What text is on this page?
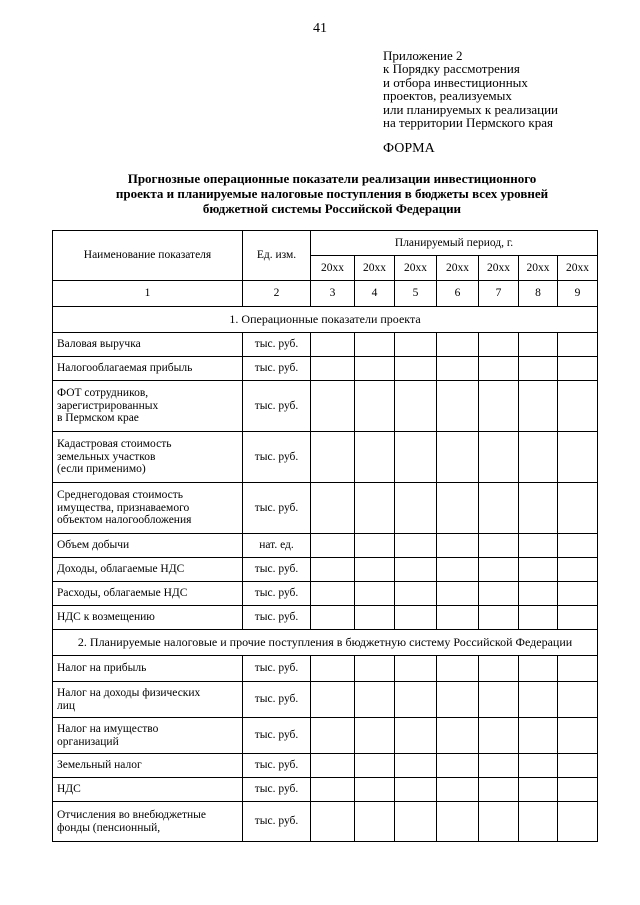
41
Приложение 2
к Порядку рассмотрения
и отбора инвестиционных
проектов, реализуемых
или планируемых к реализации
на территории Пермского края
ФОРМА
Прогнозные операционные показатели реализации инвестиционного
проекта и планируемые налоговые поступления в бюджеты всех уровней
бюджетной системы Российской Федерации
Наименование показателя	Ед. изм.	Планируемый период, г.						
		20xx	20xx	20xx	20xx	20xx	20xx	20xx
1	2	3	4	5	6	7	8	9
1. Операционные показатели проекта								
Валовая выручка	тыс. руб.							
Налогооблагаемая прибыль	тыс. руб.							
ФОТ сотрудников,
зарегистрированных
в Пермском крае	тыс. руб.							
Кадастровая стоимость
земельных участков
(если применимо)	тыс. руб.							
Среднегодовая стоимость
имущества, признаваемого
объектом налогообложения	тыс. руб.							
Объем добычи	нат. ед.							
Доходы, облагаемые НДС	тыс. руб.							
Расходы, облагаемые НДС	тыс. руб.							
НДС к возмещению	тыс. руб.							
2. Планируемые налоговые и прочие поступления в бюджетную систему Российской Федерации								
Налог на прибыль	тыс. руб.							
Налог на доходы физических
лиц	тыс. руб.							
Налог на имущество
организаций	тыс. руб.							
Земельный налог	тыс. руб.							
НДС	тыс. руб.							
Отчисления во внебюджетные
фонды (пенсионный,	тыс. руб.							
